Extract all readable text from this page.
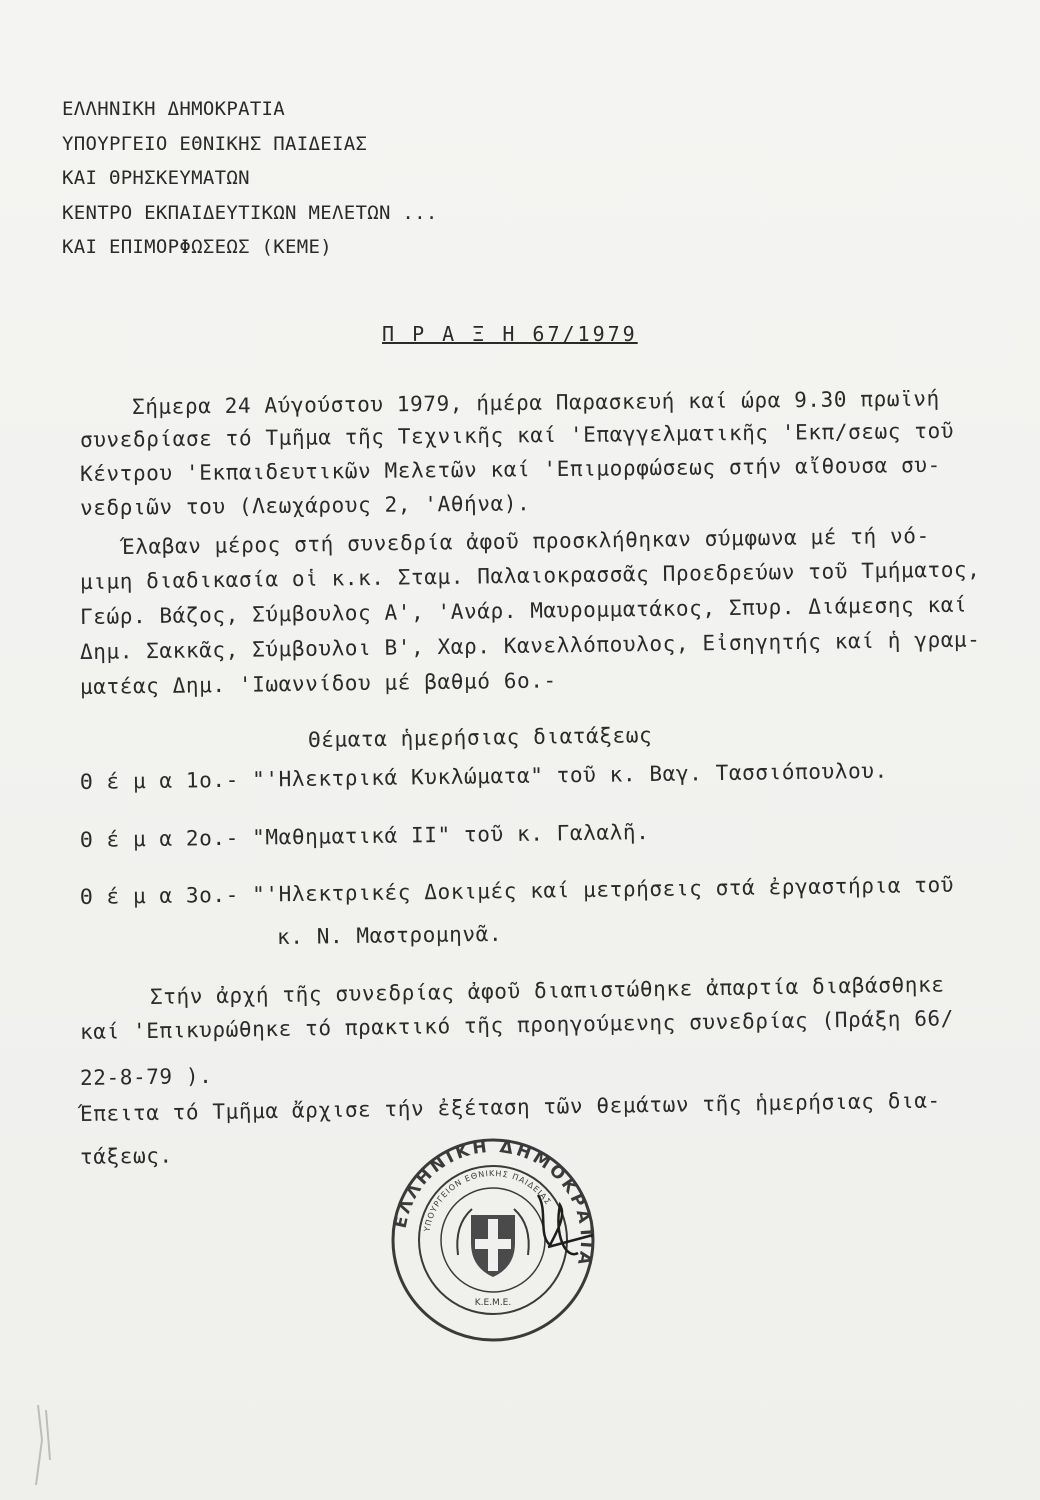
ΕΛΛΗΝΙΚΗ ΔΗΜΟΚΡΑΤΙΑ
ΥΠΟΥΡΓΕΙΟ ΕΘΝΙΚΗΣ ΠΑΙΔΕΙΑΣ
ΚΑΙ ΘΡΗΣΚΕΥΜΑΤΩΝ
ΚΕΝΤΡΟ ΕΚΠΑΙΔΕΥΤΙΚΩΝ ΜΕΛΕΤΩΝ ...
ΚΑΙ ΕΠΙΜΟΡΦΩΣΕΩΣ (ΚΕΜΕ)
Π Ρ Α Ξ Η 67/1979
Σήμερα 24 Αύγούστου 1979, ήμέρα Παρασκευή καί ώρα 9.30 πρωϊνή
συνεδρίασε τό Τμῆμα τῆς Τεχνικῆς καί 'Επαγγελματικῆς 'Εκπ/σεως τοῦ
Κέντρου 'Εκπαιδευτικῶν Μελετῶν καί 'Επιμορφώσεως στήν αἴθουσα συ-
νεδριῶν του (Λεωχάρους 2, 'Αθήνα).
Έλαβαν μέρος στή συνεδρία ἀφοῦ προσκλήθηκαν σύμφωνα μέ τή νό-
μιμη διαδικασία οἱ κ.κ. Σταμ. Παλαιοκρασσᾶς Προεδρεύων τοῦ Τμήματος,
Γεώρ. Βάζος, Σύμβουλος Α', 'Ανάρ. Μαυρομματάκος, Σπυρ. Διάμεσης καί
Δημ. Σακκᾶς, Σύμβουλοι Β', Χαρ. Κανελλόπουλος, Εἰσηγητής καί ἡ γραμ-
ματέας Δημ. 'Ιωαννίδου μέ βαθμό 6ο.-
Θέματα ἡμερήσιας διατάξεως
Θ έ μ α 1ο.- "'Ηλεκτρικά Κυκλώματα" τοῦ κ. Βαγ. Τασσιόπουλου.
Θ έ μ α 2ο.- "Μαθηματικά ΙΙ" τοῦ κ. Γαλαλῆ.
Θ έ μ α 3ο.- "'Ηλεκτρικές Δοκιμές καί μετρήσεις στά ἐργαστήρια τοῦ
κ. Ν. Μαστρομηνᾶ.
Στήν ἀρχή τῆς συνεδρίας ἀφοῦ διαπιστώθηκε ἀπαρτία διαβάσθηκε
καί 'Επικυρώθηκε τό πρακτικό τῆς προηγούμενης συνεδρίας (Πράξη 66/
22-8-79 ).
Έπειτα τό Τμῆμα ἄρχισε τήν ἐξέταση τῶν θεμάτων τῆς ἡμερήσιας δια-
τάξεως.
ΕΛΛΗΝΙΚΗ ΔΗΜΟΚΡΑΤΙΑ
ΥΠΟΥΡΓΕΙΟΝ ΕΘΝΙΚΗΣ ΠΑΙΔΕΙΑΣ
Κ.Ε.Μ.Ε.
